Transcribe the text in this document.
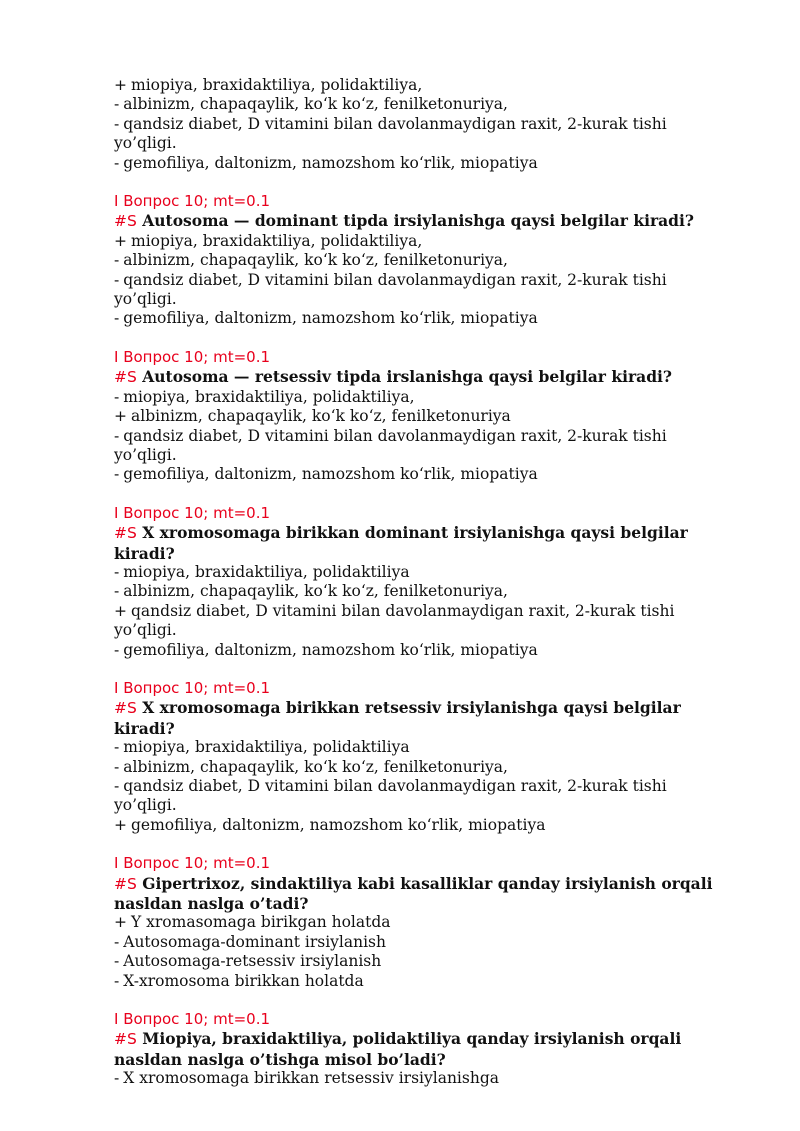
+ miopiya, braxidaktiliya, polidaktiliya,
- albinizm, chapaqaylik, ko‘k ko‘z, fenilketonuriya,
- qandsiz diabet, D vitamini bilan davolanmaydigan raxit, 2-kurak tishi yo’qligi.
- gemofiliya, daltonizm, namozshom ko‘rlik, miopatiya
I Вопрос 10; mt=0.1
#S Autosoma — dominant tipda irsiylanishga qaysi belgilar kiradi?
+ miopiya, braxidaktiliya, polidaktiliya,
- albinizm, chapaqaylik, ko‘k ko‘z, fenilketonuriya,
- qandsiz diabet, D vitamini bilan davolanmaydigan raxit, 2-kurak tishi yo’qligi.
- gemofiliya, daltonizm, namozshom ko‘rlik, miopatiya
I Вопрос 10; mt=0.1
#S Autosoma — retsessiv tipda irslanishga qaysi belgilar kiradi?
- miopiya, braxidaktiliya, polidaktiliya,
+ albinizm, chapaqaylik, ko‘k ko‘z, fenilketonuriya
- qandsiz diabet, D vitamini bilan davolanmaydigan raxit, 2-kurak tishi yo’qligi.
- gemofiliya, daltonizm, namozshom ko‘rlik, miopatiya
I Вопрос 10; mt=0.1
#S X xromosomaga birikkan dominant irsiylanishga qaysi belgilar kiradi?
- miopiya, braxidaktiliya, polidaktiliya
- albinizm, chapaqaylik, ko‘k ko‘z, fenilketonuriya,
+ qandsiz diabet, D vitamini bilan davolanmaydigan raxit, 2-kurak tishi yo’qligi.
- gemofiliya, daltonizm, namozshom ko‘rlik, miopatiya
I Вопрос 10; mt=0.1
#S X xromosomaga birikkan retsessiv irsiylanishga qaysi belgilar kiradi?
- miopiya, braxidaktiliya, polidaktiliya
- albinizm, chapaqaylik, ko‘k ko‘z, fenilketonuriya,
- qandsiz diabet, D vitamini bilan davolanmaydigan raxit, 2-kurak tishi yo’qligi.
+ gemofiliya, daltonizm, namozshom ko‘rlik, miopatiya
I Вопрос 10; mt=0.1
#S Gipertrixoz, sindaktiliya kabi kasalliklar qanday irsiylanish orqali nasldan naslga o’tadi?
+ Y xromasomaga birikgan holatda
- Autosomaga-dominant irsiylanish
- Autosomaga-retsessiv irsiylanish
- X-xromosoma birikkan holatda
I Вопрос 10; mt=0.1
#S Miopiya, braxidaktiliya, polidaktiliya qanday irsiylanish orqali nasldan naslga o’tishga misol bo’ladi?
- X xromosomaga birikkan retsessiv irsiylanishga
